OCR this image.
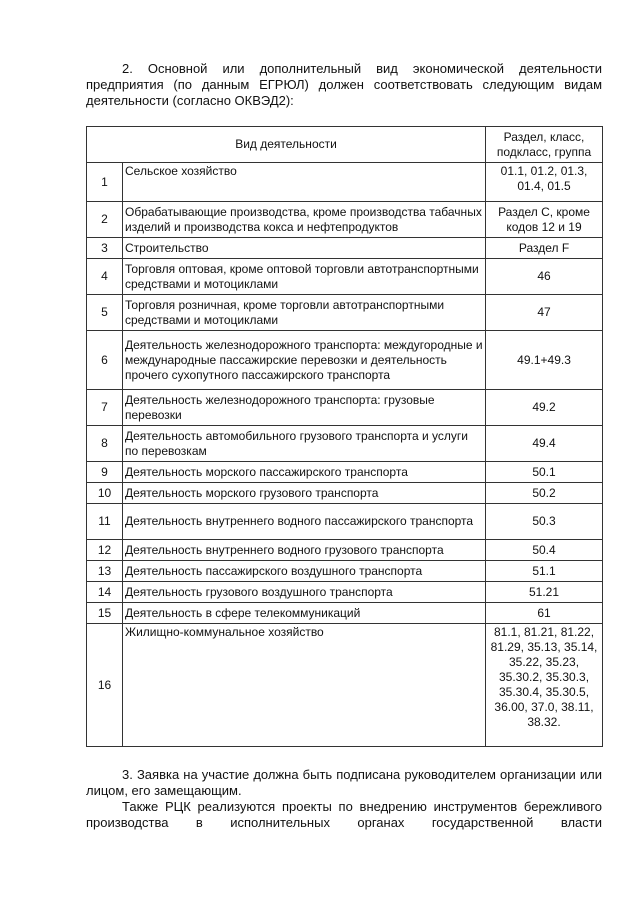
2. Основной или дополнительный вид экономической деятельности предприятия (по данным ЕГРЮЛ) должен соответствовать следующим видам деятельности (согласно ОКВЭД2):

Вид деятельности		Раздел, класс, подкласс, группа
1	Сельское хозяйство	01.1, 01.2, 01.3, 01.4, 01.5
2	Обрабатывающие производства, кроме производства табачных изделий и производства кокса и нефтепродуктов	Раздел С, кроме кодов 12 и 19
3	Строительство	Раздел F
4	Торговля оптовая, кроме оптовой торговли автотранспортными средствами и мотоциклами	46
5	Торговля розничная, кроме торговли автотранспортными средствами и мотоциклами	47
6	Деятельность железнодорожного транспорта: междугородные и международные пассажирские перевозки и деятельность прочего сухопутного пассажирского транспорта	49.1+49.3
7	Деятельность железнодорожного транспорта: грузовые перевозки	49.2
8	Деятельность автомобильного грузового транспорта и услуги по перевозкам	49.4
9	Деятельность морского пассажирского транспорта	50.1
10	Деятельность морского грузового транспорта	50.2
11	Деятельность внутреннего водного пассажирского транспорта	50.3
12	Деятельность внутреннего водного грузового транспорта	50.4
13	Деятельность пассажирского воздушного транспорта	51.1
14	Деятельность грузового воздушного транспорта	51.21
15	Деятельность в сфере телекоммуникаций	61
16	Жилищно-коммунальное хозяйство	81.1, 81.21, 81.22, 81.29, 35.13, 35.14, 35.22, 35.23, 35.30.2, 35.30.3, 35.30.4, 35.30.5, 36.00, 37.0, 38.11, 38.32.

3. Заявка на участие должна быть подписана руководителем организации или лицом, его замещающим.

Также РЦК реализуются проекты по внедрению инструментов бережливого производства в исполнительных органах государственной власти
